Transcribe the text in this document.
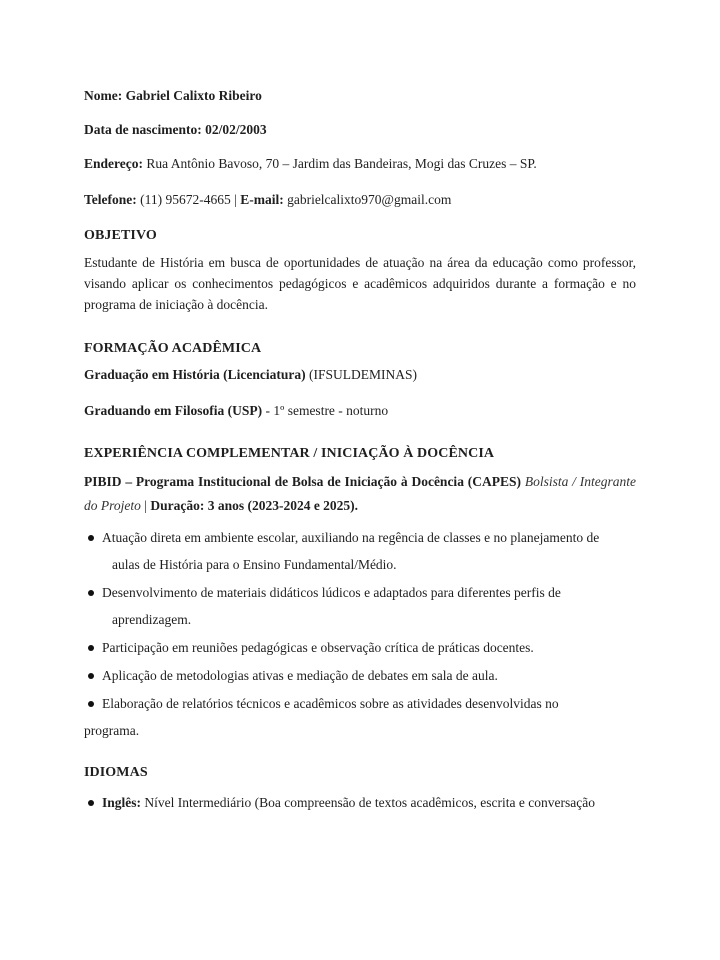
Nome: Gabriel Calixto Ribeiro
Data de nascimento: 02/02/2003
Endereço: Rua Antônio Bavoso, 70 – Jardim das Bandeiras, Mogi das Cruzes – SP.
Telefone: (11) 95672-4665 | E-mail: gabrielcalixto970@gmail.com
OBJETIVO

Estudante de História em busca de oportunidades de atuação na área da educação como professor, visando aplicar os conhecimentos pedagógicos e acadêmicos adquiridos durante a formação e no programa de iniciação à docência.

FORMAÇÃO ACADÊMICA
Graduação em História (Licenciatura) (IFSULDEMINAS)
Graduando em Filosofia (USP) - 1º semestre - noturno
EXPERIÊNCIA COMPLEMENTAR / INICIAÇÃO À DOCÊNCIA

PIBID – Programa Institucional de Bolsa de Iniciação à Docência (CAPES) Bolsista / Integrante do Projeto | Duração: 3 anos (2023-2024 e 2025).

Atuação direta em ambiente escolar, auxiliando na regência de classes e no planejamento de
aulas de História para o Ensino Fundamental/Médio.
Desenvolvimento de materiais didáticos lúdicos e adaptados para diferentes perfis de
aprendizagem.
Participação em reuniões pedagógicas e observação crítica de práticas docentes.
Aplicação de metodologias ativas e mediação de debates em sala de aula.
Elaboração de relatórios técnicos e acadêmicos sobre as atividades desenvolvidas no
programa.
IDIOMAS
Inglês: Nível Intermediário (Boa compreensão de textos acadêmicos, escrita e conversação
